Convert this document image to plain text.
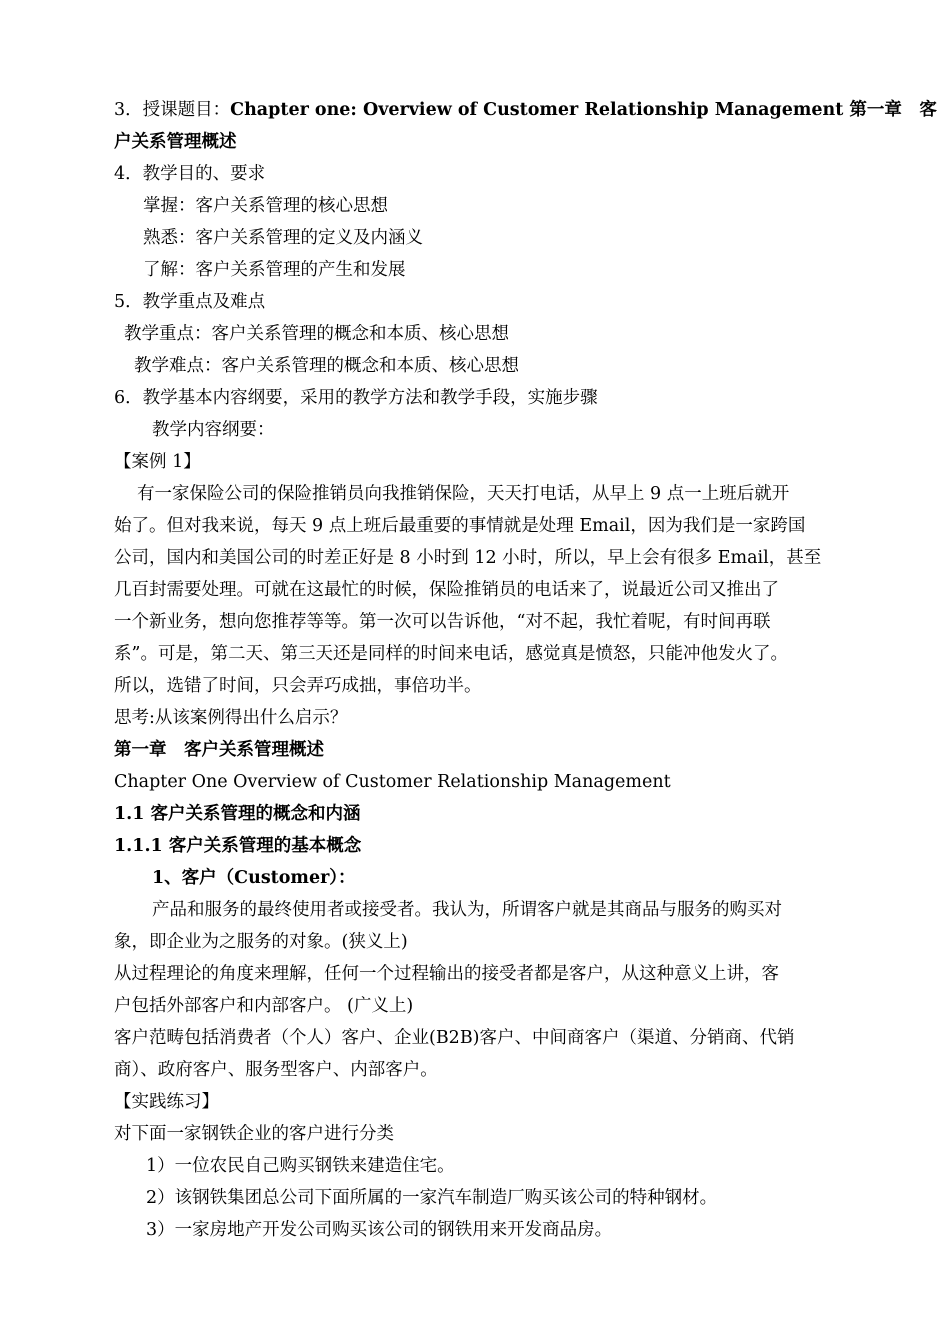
3．授课题目：Chapter one: Overview of Customer Relationship Management 第一章　客
户关系管理概述
4．教学目的、要求
掌握：客户关系管理的核心思想
熟悉：客户关系管理的定义及内涵义
了解：客户关系管理的产生和发展
5．教学重点及难点
教学重点：客户关系管理的概念和本质、核心思想
教学难点：客户关系管理的概念和本质、核心思想
6．教学基本内容纲要，采用的教学方法和教学手段，实施步骤
教学内容纲要：
【案例 1】
有一家保险公司的保险推销员向我推销保险，天天打电话，从早上 9 点一上班后就开
始了。但对我来说，每天 9 点上班后最重要的事情就是处理 Email，因为我们是一家跨国
公司，国内和美国公司的时差正好是 8 小时到 12 小时，所以，早上会有很多 Email，甚至
几百封需要处理。可就在这最忙的时候，保险推销员的电话来了，说最近公司又推出了
一个新业务，想向您推荐等等。第一次可以告诉他，“对不起，我忙着呢，有时间再联
系”。可是，第二天、第三天还是同样的时间来电话，感觉真是愤怒，只能冲他发火了。
所以，选错了时间，只会弄巧成拙，事倍功半。
思考:从该案例得出什么启示？
第一章　客户关系管理概述
Chapter One Overview of Customer Relationship Management
1.1 客户关系管理的概念和内涵
1.1.1 客户关系管理的基本概念
1、客户（Customer）：
产品和服务的最终使用者或接受者。我认为，所谓客户就是其商品与服务的购买对
象，即企业为之服务的对象。(狭义上)
从过程理论的角度来理解，任何一个过程输出的接受者都是客户，从这种意义上讲，客
户包括外部客户和内部客户。 (广义上)
客户范畴包括消费者（个人）客户、企业(B2B)客户、中间商客户（渠道、分销商、代销
商）、政府客户、服务型客户、内部客户。
【实践练习】
对下面一家钢铁企业的客户进行分类
1）一位农民自己购买钢铁来建造住宅。
2）该钢铁集团总公司下面所属的一家汽车制造厂购买该公司的特种钢材。
3）一家房地产开发公司购买该公司的钢铁用来开发商品房。
